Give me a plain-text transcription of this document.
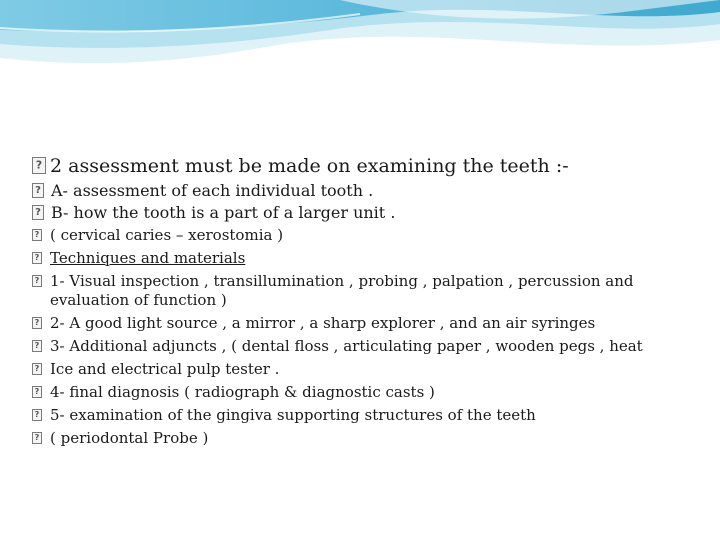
?
2 assessment must be made on examining the teeth :-
?
A- assessment of each individual tooth .
?
B- how the tooth is a part of a larger unit .
?
( cervical caries – xerostomia )
?
Techniques and materials
?
1- Visual inspection , transillumination , probing , palpation , percussion and evaluation of function )
?
2- A good light source , a mirror , a sharp explorer , and an air syringes
?
3- Additional adjuncts , ( dental floss , articulating paper , wooden pegs , heat
?
Ice and electrical pulp tester .
?
4- final diagnosis ( radiograph & diagnostic casts )
?
5- examination of the gingiva supporting structures of the teeth
?
( periodontal Probe )
